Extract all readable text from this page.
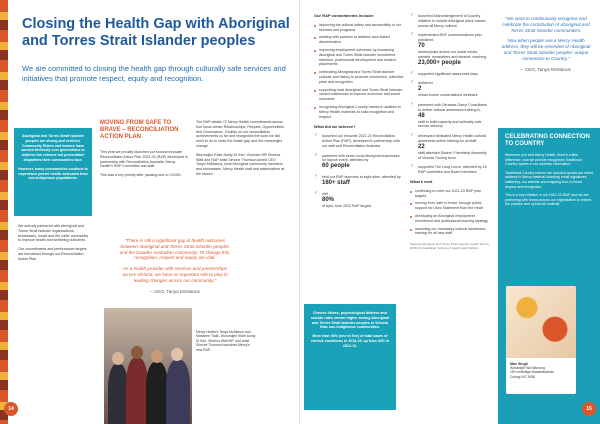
Closing the Health Gap with Aboriginal and Torres Strait Islander peoples

We are committed to closing the health gap through culturally safe services and initiatives that promote respect, equity and recognition.

Aboriginal and Torres Strait Islander peoples are strong and resilient. Community Elders and leaders have worked tirelessly over generations to address the extreme but preventable disparities their communities face.

However, many communities continue to experience poorer health outcomes than non-Indigenous populations.

We actively partnered with Aboriginal and Torres Strait Islander organisations, businesses, locals and the wider community to improve health and wellbeing outcomes.

Our commitments and performance targets are formalised through our Reconciliation Action Plan.

MOVING FROM SAFE TO BRAVE – RECONCILIATION ACTION PLAN

This year we proudly launched our second Innovate Reconciliation Action Plan 2022-23 (RAP) developed in partnership with Reconciliation Australia, Mercy Health's RAP Committee and staff.

This was a key priority after pausing due to COVID.

The RAP details 72 Mercy Health commitments across four focus areas: Relationships, Respect, Opportunities and Governance. It builds on our reconciliation achievements so far and recognises the work we still need to do to close the health gap and live meaningful change.

Wurundjeri Elder Aunty Di Kerr, Victorian MP Sheena Watt and RAP artist Simone Thomson joined CEO Tanya McManus, local Aboriginal community members and businesses, Mercy Health staff and stakeholders at the launch.

"There is still a significant gap in health outcomes between Aboriginal and Torres Strait Islander peoples and the broader Australian community. To change this, recognition, respect and equity are vital.

As a health provider with services and partnerships across Victoria, we have an important role to play in leading changes across our community."

– CEO, Tanya McManus

Mercy Health's Tanya McManus and Marianne Tlalic, Wurundjeri Elder Aunty Di Kerr, Sheena Watt MP, and artist Simone Thomson launched Mercy's new RAP.

14

Our RAP commitments include:

improving the cultural safety and accessibility of our services and programs
working with partners to address race-based discrimination
improving employment outcomes by increasing Aboriginal and Torres Strait Islander recruitment, retention, professional development and student placements
celebrating Aboriginal and Torres Strait Islander cultures and history to promote connection, collective pride and recognition
supporting local Aboriginal and Torres Strait Islander-owned businesses to improve economic and social outcomes
recognising Aboriginal Country names in addition to Mercy Health materials to build recognition and respect.

What did we achieve?

✓ launched our Innovate 2022-23 Reconciliation Action Plan (RAP), developed in partnership with our staff and Reconciliation Australia
✓ partnered with seven local Aboriginal businesses for launch event, attended by
60 people
✓ held our RAP launches at eight sites, attended by
160+ staff
✓ met
80%
of April-June 2022 RAP targets
✓ launched Acknowledgement of Country initiative to include Aboriginal place names across all Mercy cultural
✓ implemented RAP communications plan published
70
stories/posts across our social media, website, newsletters and intranet, reaching
23,000+ people
✓ supported significant awareness days
✓ delivered
2
virtual Koorie conversations webinars
✓ partnered with Girrawaa Garryi Consultants to deliver cultural awareness training to
48
staff to build capacity and culturally safe service delivery
✓ developed dedicated Mercy Health cultural awareness online training for all staff
22
staff attended Sisters' Friendship Assembly of Victoria Turning tours
✓ supported The Long Lunch, attended by 16 RAP committee and Board members

What's next

continuing to meet our 2022-23 RAP plan targets
moving from 'safe to brave' through public support for Uluru Statement from the Heart
developing an Aboriginal employment recruitment and professional learning strategy
launching our mandatory cultural awareness training for all new staff

National Aboriginal and Torres Strait Islander Health Survey, 2018-19 (Australian Institute of Health and Welfare).

"We want to continuously recognise and celebrate the contribution of Aboriginal and Torres Strait Islander communities.

Now when people see a Mercy Health address, they will be reminded of Aboriginal and Torres Strait Islander peoples' unique connection to Country."

– CEO, Tanya McManus

CELEBRATING CONNECTION TO COUNTRY

Wherever you visit Mercy Health, there's a little difference: now we provide recognises Traditional Country names in our address information.

Traditional Country names are included across our street address in Mercy material including email signatures, stationery, our website and mapping tool, to boost respect and recognition.

This is a key initiative in our 2022-23 RAP, and we are partnering with teams across our organisation to embed the practice and uphold all material.

Max Singh
Wurundjeri Woi Wurrung
18 Frontbridge Broadmeadows
Coburg VIC 3058

Chronic illness, psychological distress and suicide rates remain higher among Aboriginal and Torres Strait Islander peoples in Victoria than non-Indigenous communities.

More than 46% (one in five) of total cases of chronic conditions in 2018-19, up from 40% in 2012-13.

15
